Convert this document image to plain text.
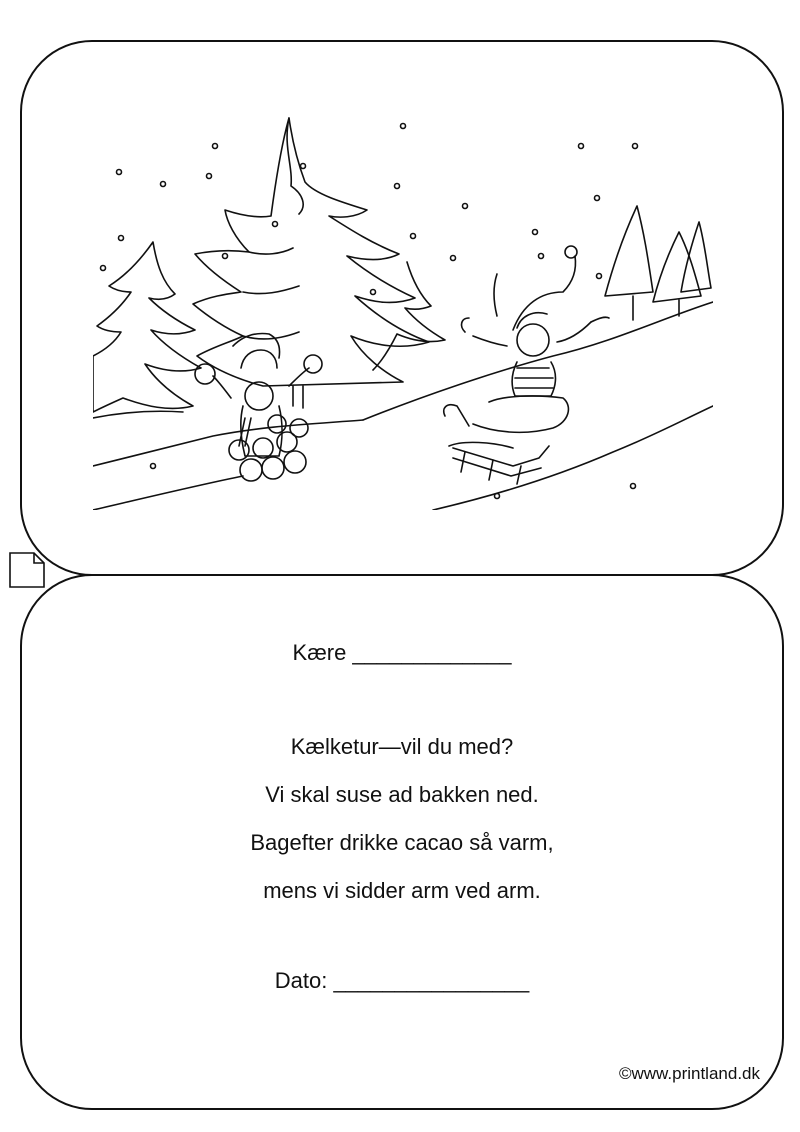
Kære _____________
Kælketur—vil du med?
Vi skal suse ad bakken ned.
Bagefter drikke cacao så varm,
mens vi sidder arm ved arm.
Dato: ________________
©www.printland.dk
